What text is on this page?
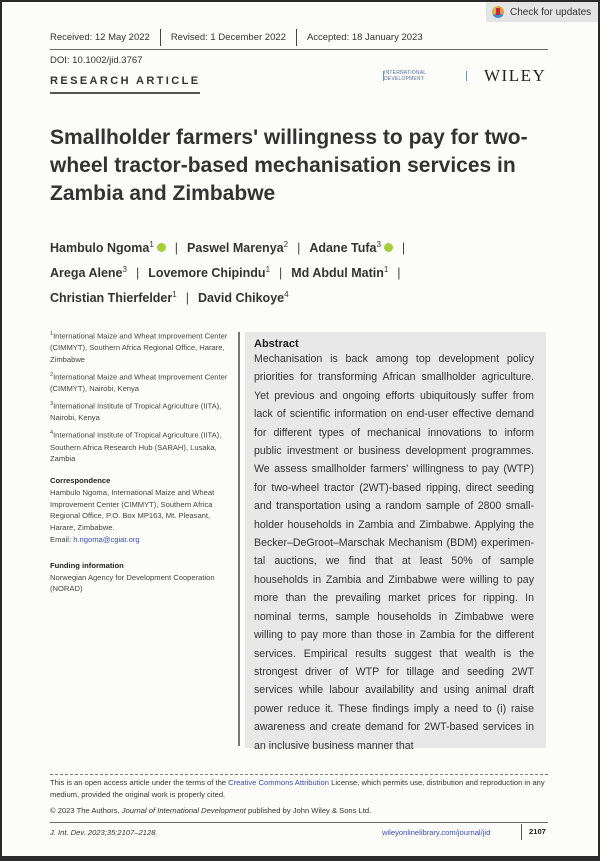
Check for updates
Received: 12 May 2022	Revised: 1 December 2022	Accepted: 18 January 2023
DOI: 10.1002/jid.3767
RESEARCH ARTICLE
INTERNATIONAL DEVELOPMENT	WILEY
Smallholder farmers' willingness to pay for two-wheel tractor-based mechanisation services in Zambia and Zimbabwe
Hambulo Ngoma$^1$ | Paswel Marenya$^2$ | Adane Tufa$^3$ |
Arega Alene$^3$ | Lovemore Chipindu$^1$ | Md Abdul Matin$^1$ |
Christian Thierfelder$^1$ | David Chikoye$^4$

$^1$International Maize and Wheat Improvement Center (CIMMYT), Southern Africa Regional Office, Harare, Zimbabwe

$^2$International Maize and Wheat Improvement Center (CIMMYT), Nairobi, Kenya

$^3$International Institute of Tropical Agriculture (IITA), Nairobi, Kenya

$^4$International Institute of Tropical Agriculture (IITA), Southern Africa Research Hub (SARAH), Lusaka, Zambia

Correspondence
Hambulo Ngoma, International Maize and Wheat Improvement Center (CIMMYT), Southern Africa Regional Office, P.O. Box MP163, Mt. Pleasant, Harare, Zimbabwe.
Email: h.ngoma@cgiar.org
Funding information
Norwegian Agency for Development Cooperation (NORAD)
Abstract

Mechanisation is back among top development policy priorities for transforming African smallholder agriculture. Yet previous and ongoing efforts ubiquitously suffer from lack of scientific information on end-user effective demand for different types of mechanical innovations to inform public investment or business development programmes. We assess smallholder farmers' willingness to pay (WTP) for two-wheel tractor (2WT)-based ripping, direct seeding and transportation using a random sample of 2800 smallholder households in Zambia and Zimbabwe. Applying the Becker–DeGroot–Marschak Mechanism (BDM) experimental auctions, we find that at least 50% of sample households in Zambia and Zimbabwe were willing to pay more than the prevailing market prices for ripping. In nominal terms, sample households in Zimbabwe were willing to pay more than those in Zambia for the different services. Empirical results suggest that wealth is the strongest driver of WTP for tillage and seeding 2WT services while labour availability and using animal draft power reduce it. These findings imply a need to (i) raise awareness and create demand for 2WT-based services in an inclusive business manner that

This is an open access article under the terms of the Creative Commons Attribution License, which permits use, distribution and reproduction in any medium, provided the original work is properly cited.
© 2023 The Authors. Journal of International Development published by John Wiley & Sons Ltd.
J. Int. Dev. 2023;35:2107–2128.	wileyonlinelibrary.com/journal/jid	2107
